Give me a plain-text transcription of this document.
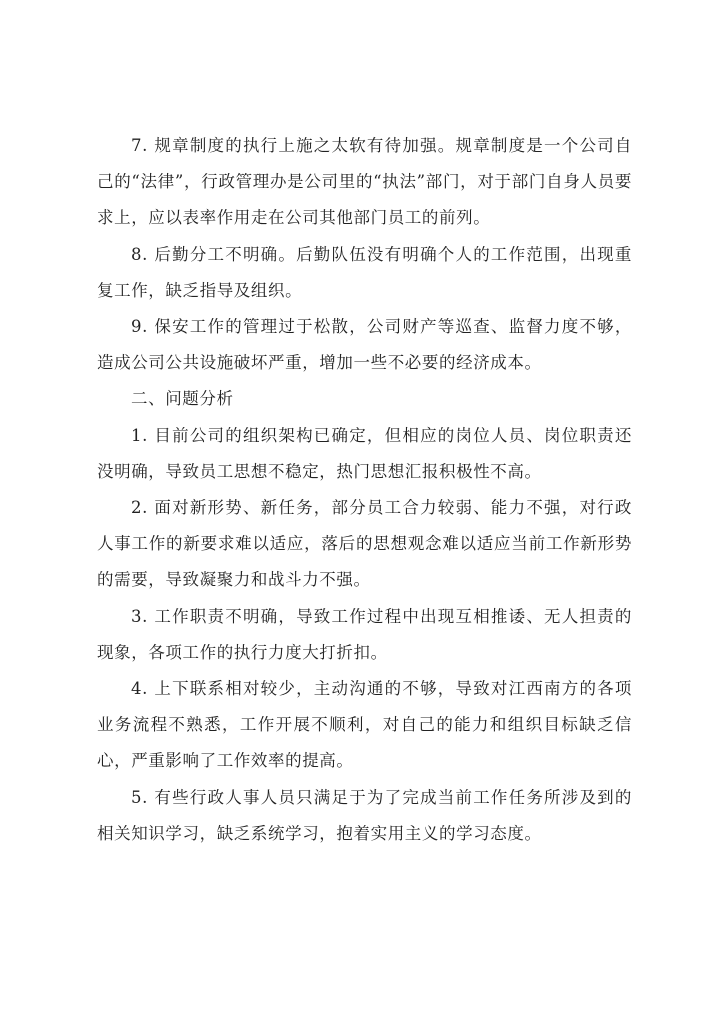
7. 规章制度的执行上施之太软有待加强。规章制度是一个公司自己的“法律”，行政管理办是公司里的“执法”部门，对于部门自身人员要求上，应以表率作用走在公司其他部门员工的前列。

8. 后勤分工不明确。后勤队伍没有明确个人的工作范围，出现重复工作，缺乏指导及组织。

9. 保安工作的管理过于松散，公司财产等巡查、监督力度不够，造成公司公共设施破坏严重，增加一些不必要的经济成本。

二、问题分析

1. 目前公司的组织架构已确定，但相应的岗位人员、岗位职责还没明确，导致员工思想不稳定，热门思想汇报积极性不高。

2. 面对新形势、新任务，部分员工合力较弱、能力不强，对行政人事工作的新要求难以适应，落后的思想观念难以适应当前工作新形势的需要，导致凝聚力和战斗力不强。

3. 工作职责不明确，导致工作过程中出现互相推诿、无人担责的现象，各项工作的执行力度大打折扣。

4. 上下联系相对较少，主动沟通的不够，导致对江西南方的各项业务流程不熟悉，工作开展不顺利，对自己的能力和组织目标缺乏信心，严重影响了工作效率的提高。

5. 有些行政人事人员只满足于为了完成当前工作任务所涉及到的相关知识学习，缺乏系统学习，抱着实用主义的学习态度。
